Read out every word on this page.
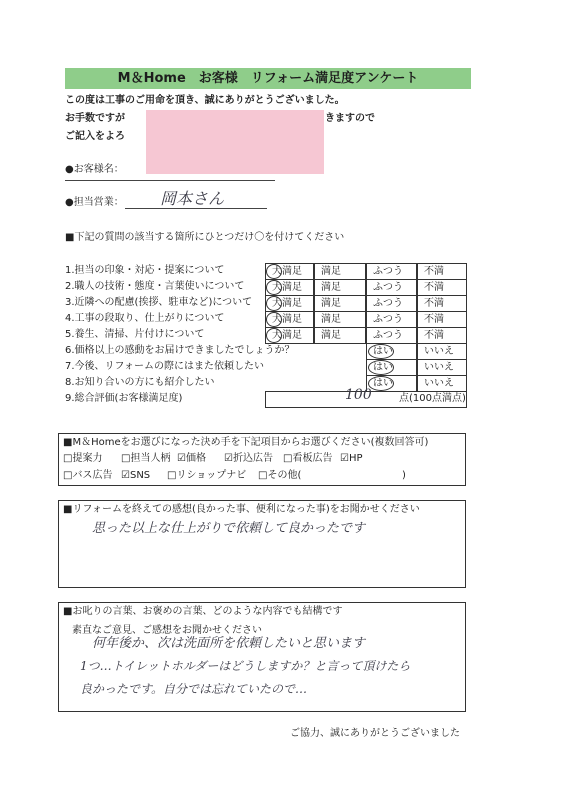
M＆Home　お客様　リフォーム満足度アンケート
この度は工事のご用命を頂き、誠にありがとうございました。
お手数ですが	きますので
ご記入をよろ
●お客様名：
●担当営業： 岡本さん
■下記の質問の該当する箇所にひとつだけ〇を付けてください
1.担当の印象・対応・提案について	大満足	満足	ふつう	不満
2.職人の技術・態度・言葉使いについて	大満足	満足	ふつう	不満
3.近隣への配慮(挨拶、駐車など)について	大満足	満足	ふつう	不満
4.工事の段取り、仕上がりについて	大満足	満足	ふつう	不満
5.養生、清掃、片付けについて	大満足	満足	ふつう	不満
6.価格以上の感動をお届けできましたでしょうか？	はい	いいえ
7.今後、リフォームの際にはまた依頼したい	はい	いいえ
8.お知り合いの方にも紹介したい	はい	いいえ
9.総合評価(お客様満足度)	100	点(100点満点)
■M＆Homeをお選びになった決め手を下記項目からお選びください(複数回答可)
□提案力 □担当人柄 ☑価格 ☑折込広告 □看板広告 ☑HP
□バス広告 ☑SNS □リショップナビ □その他(	)
■リフォームを終えての感想(良かった事、便利になった事)をお聞かせください
思った以上な仕上がりで依頼して良かったです
■お叱りの言葉、お褒めの言葉、どのような内容でも結構です
素直なご意見、ご感想をお聞かせください
何年後か、次は洗面所を依頼したいと思います
1つ…トイレットホルダーはどうしますか？と言って頂けたら
良かったです。自分では忘れていたので…
ご協力、誠にありがとうございました
